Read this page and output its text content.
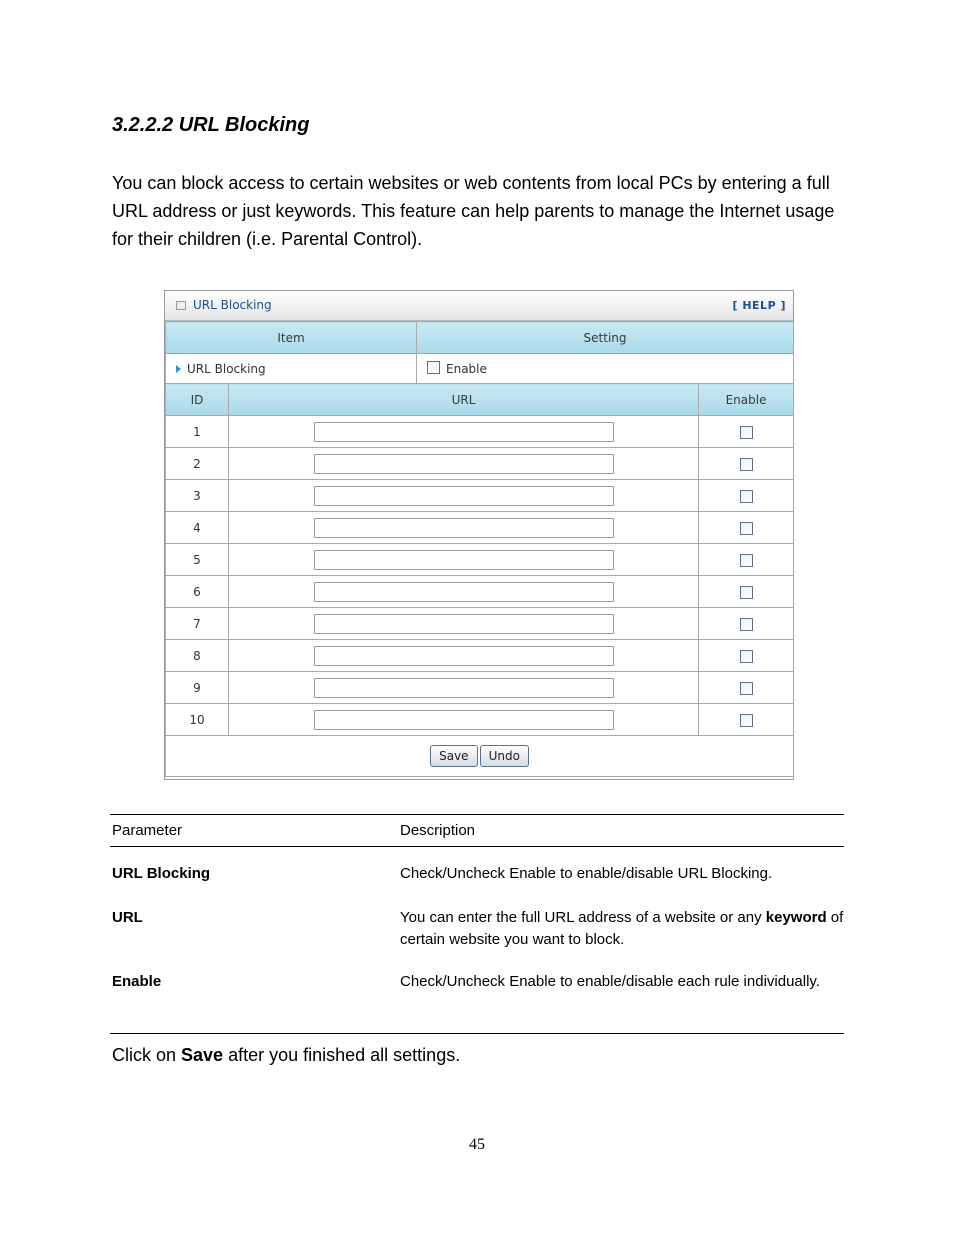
3.2.2.2 URL Blocking

You can block access to certain websites or web contents from local PCs by entering a full URL address or just keywords. This feature can help parents to manage the Internet usage for their children (i.e. Parental Control).

URL Blocking	[ HELP ]
Item		Setting	
URL Blocking		Enable	
ID	URL		Enable
1			
2			
3			
4			
5			
6			
7			
8			
9			
10			
Save Undo			
Parameter	Description
URL Blocking	Check/Uncheck Enable to enable/disable URL Blocking.
URL	You can enter the full URL address of a website or any keyword of certain website you want to block.
Enable	Check/Uncheck Enable to enable/disable each rule individually.

Click on Save after you finished all settings.

45
